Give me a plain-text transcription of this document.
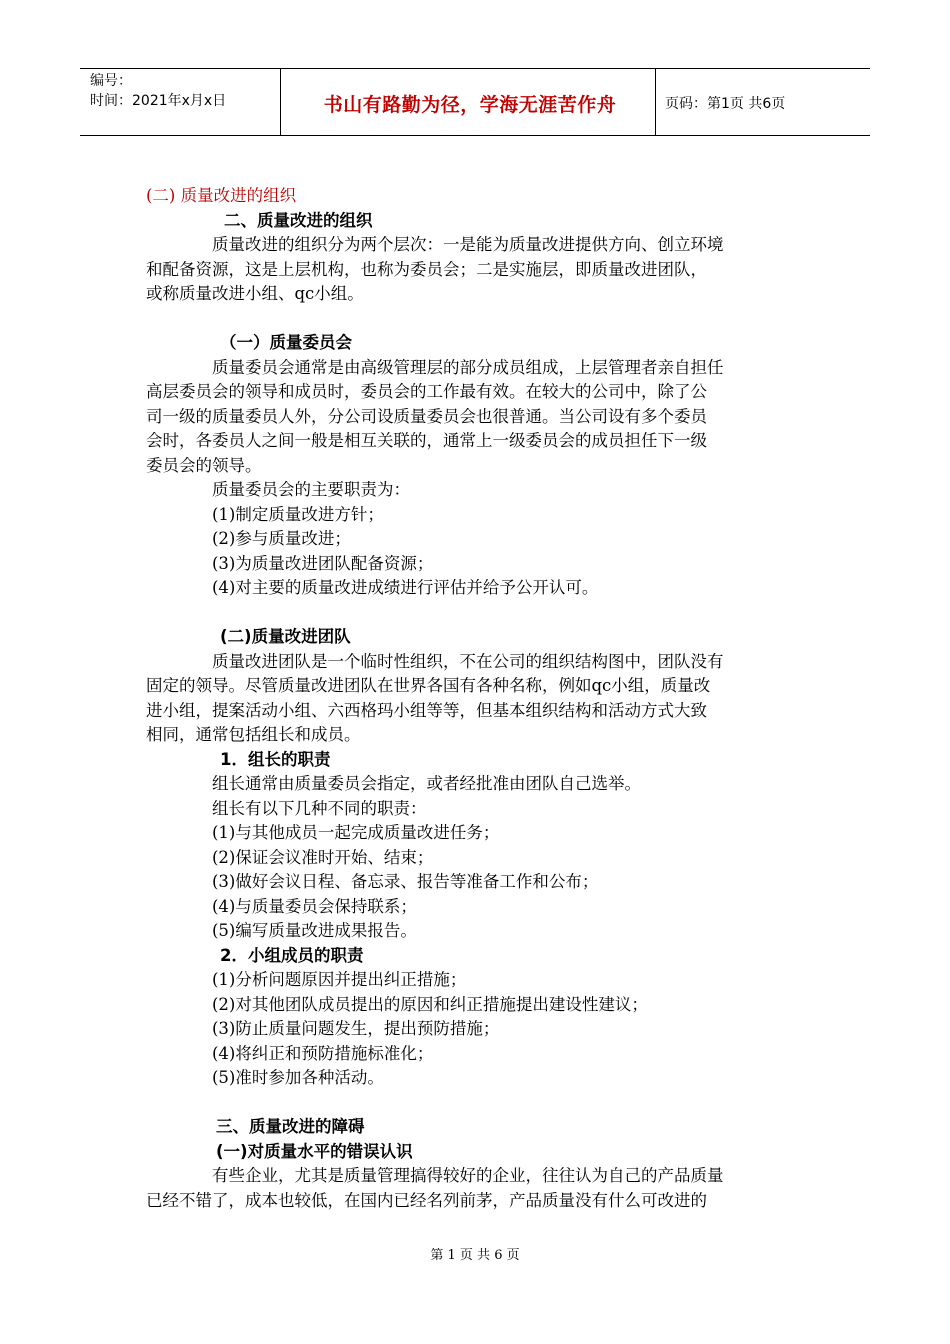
编号：
时间：2021年x月x日	书山有路勤为径，学海无涯苦作舟	页码：第1页 共6页
(二) 质量改进的组织
二、质量改进的组织
质量改进的组织分为两个层次：一是能为质量改进提供方向、创立环境
和配备资源，这是上层机构，也称为委员会；二是实施层，即质量改进团队，
或称质量改进小组、qc小组。
（一）质量委员会
质量委员会通常是由高级管理层的部分成员组成，上层管理者亲自担任
高层委员会的领导和成员时，委员会的工作最有效。在较大的公司中，除了公
司一级的质量委员人外，分公司设质量委员会也很普通。当公司设有多个委员
会时，各委员人之间一般是相互关联的，通常上一级委员会的成员担任下一级
委员会的领导。
质量委员会的主要职责为：
(1)制定质量改进方针；
(2)参与质量改进；
(3)为质量改进团队配备资源；
(4)对主要的质量改进成绩进行评估并给予公开认可。
(二)质量改进团队
质量改进团队是一个临时性组织，不在公司的组织结构图中，团队没有
固定的领导。尽管质量改进团队在世界各国有各种名称，例如qc小组，质量改
进小组，提案活动小组、六西格玛小组等等，但基本组织结构和活动方式大致
相同，通常包括组长和成员。
1．组长的职责
组长通常由质量委员会指定，或者经批准由团队自己选举。
组长有以下几种不同的职责：
(1)与其他成员一起完成质量改进任务；
(2)保证会议准时开始、结束；
(3)做好会议日程、备忘录、报告等准备工作和公布；
(4)与质量委员会保持联系；
(5)编写质量改进成果报告。
2．小组成员的职责
(1)分析问题原因并提出纠正措施；
(2)对其他团队成员提出的原因和纠正措施提出建设性建议；
(3)防止质量问题发生，提出预防措施；
(4)将纠正和预防措施标准化；
(5)准时参加各种活动。
三、质量改进的障碍
(一)对质量水平的错误认识
有些企业，尤其是质量管理搞得较好的企业，往往认为自己的产品质量
已经不错了，成本也较低，在国内已经名列前茅，产品质量没有什么可改进的
第 1 页 共 6 页
